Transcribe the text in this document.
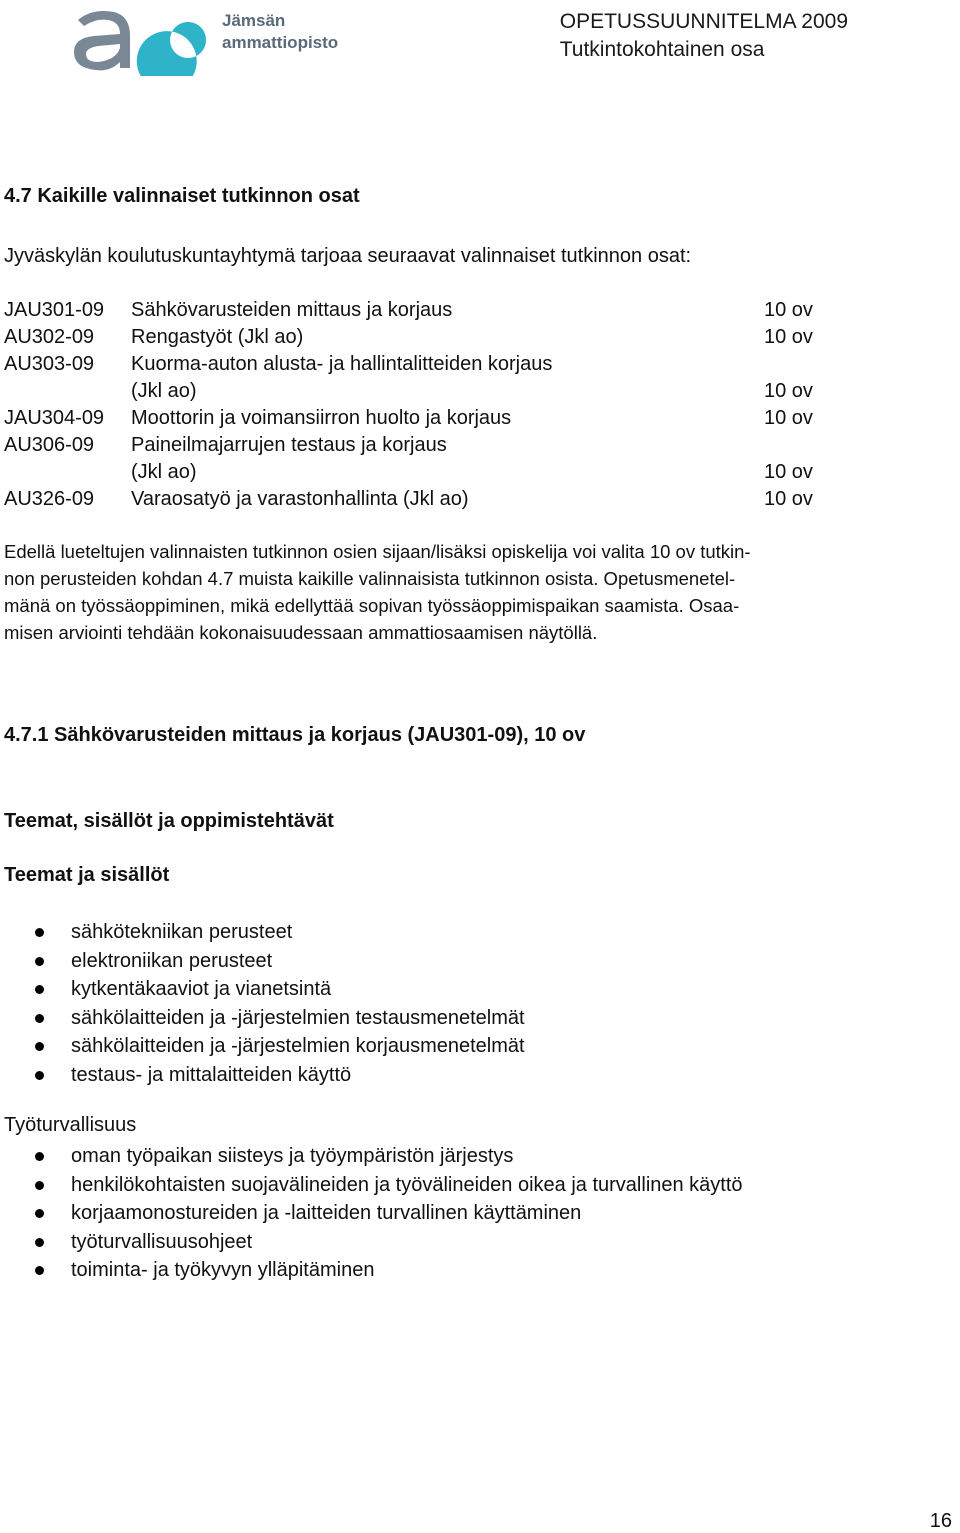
Jämsän
ammattiopisto
OPETUSSUUNNITELMA 2009
Tutkintokohtainen osa
4.7 Kaikille valinnaiset tutkinnon osat
Jyväskylän koulutuskuntayhtymä tarjoaa seuraavat valinnaiset tutkinnon osat:
JAU301-09 Sähkövarusteiden mittaus ja korjaus	10 ov
AU302-09 Rengastyöt (Jkl ao)	10 ov
AU303-09 Kuorma-auton alusta- ja hallintalitteiden korjaus
(Jkl ao)	10 ov
JAU304-09 Moottorin ja voimansiirron huolto ja korjaus	10 ov
AU306-09 Paineilmajarrujen testaus ja korjaus
(Jkl ao)	10 ov
AU326-09 Varaosatyö ja varastonhallinta (Jkl ao)	10 ov
Edellä lueteltujen valinnaisten tutkinnon osien sijaan/lisäksi opiskelija voi valita 10 ov tutkin-
non perusteiden kohdan 4.7 muista kaikille valinnaisista tutkinnon osista. Opetusmenetel-
mänä on työssäoppiminen, mikä edellyttää sopivan työssäoppimispaikan saamista. Osaa-
misen arviointi tehdään kokonaisuudessaan ammattiosaamisen näytöllä.
4.7.1 Sähkövarusteiden mittaus ja korjaus (JAU301-09), 10 ov
Teemat, sisällöt ja oppimistehtävät
Teemat ja sisällöt
sähkötekniikan perusteet
elektroniikan perusteet
kytkentäkaaviot ja vianetsintä
sähkölaitteiden ja -järjestelmien testausmenetelmät
sähkölaitteiden ja -järjestelmien korjausmenetelmät
testaus- ja mittalaitteiden käyttö
Työturvallisuus
oman työpaikan siisteys ja työympäristön järjestys
henkilökohtaisten suojavälineiden ja työvälineiden oikea ja turvallinen käyttö
korjaamonostureiden ja -laitteiden turvallinen käyttäminen
työturvallisuusohjeet
toiminta- ja työkyvyn ylläpitäminen
16
